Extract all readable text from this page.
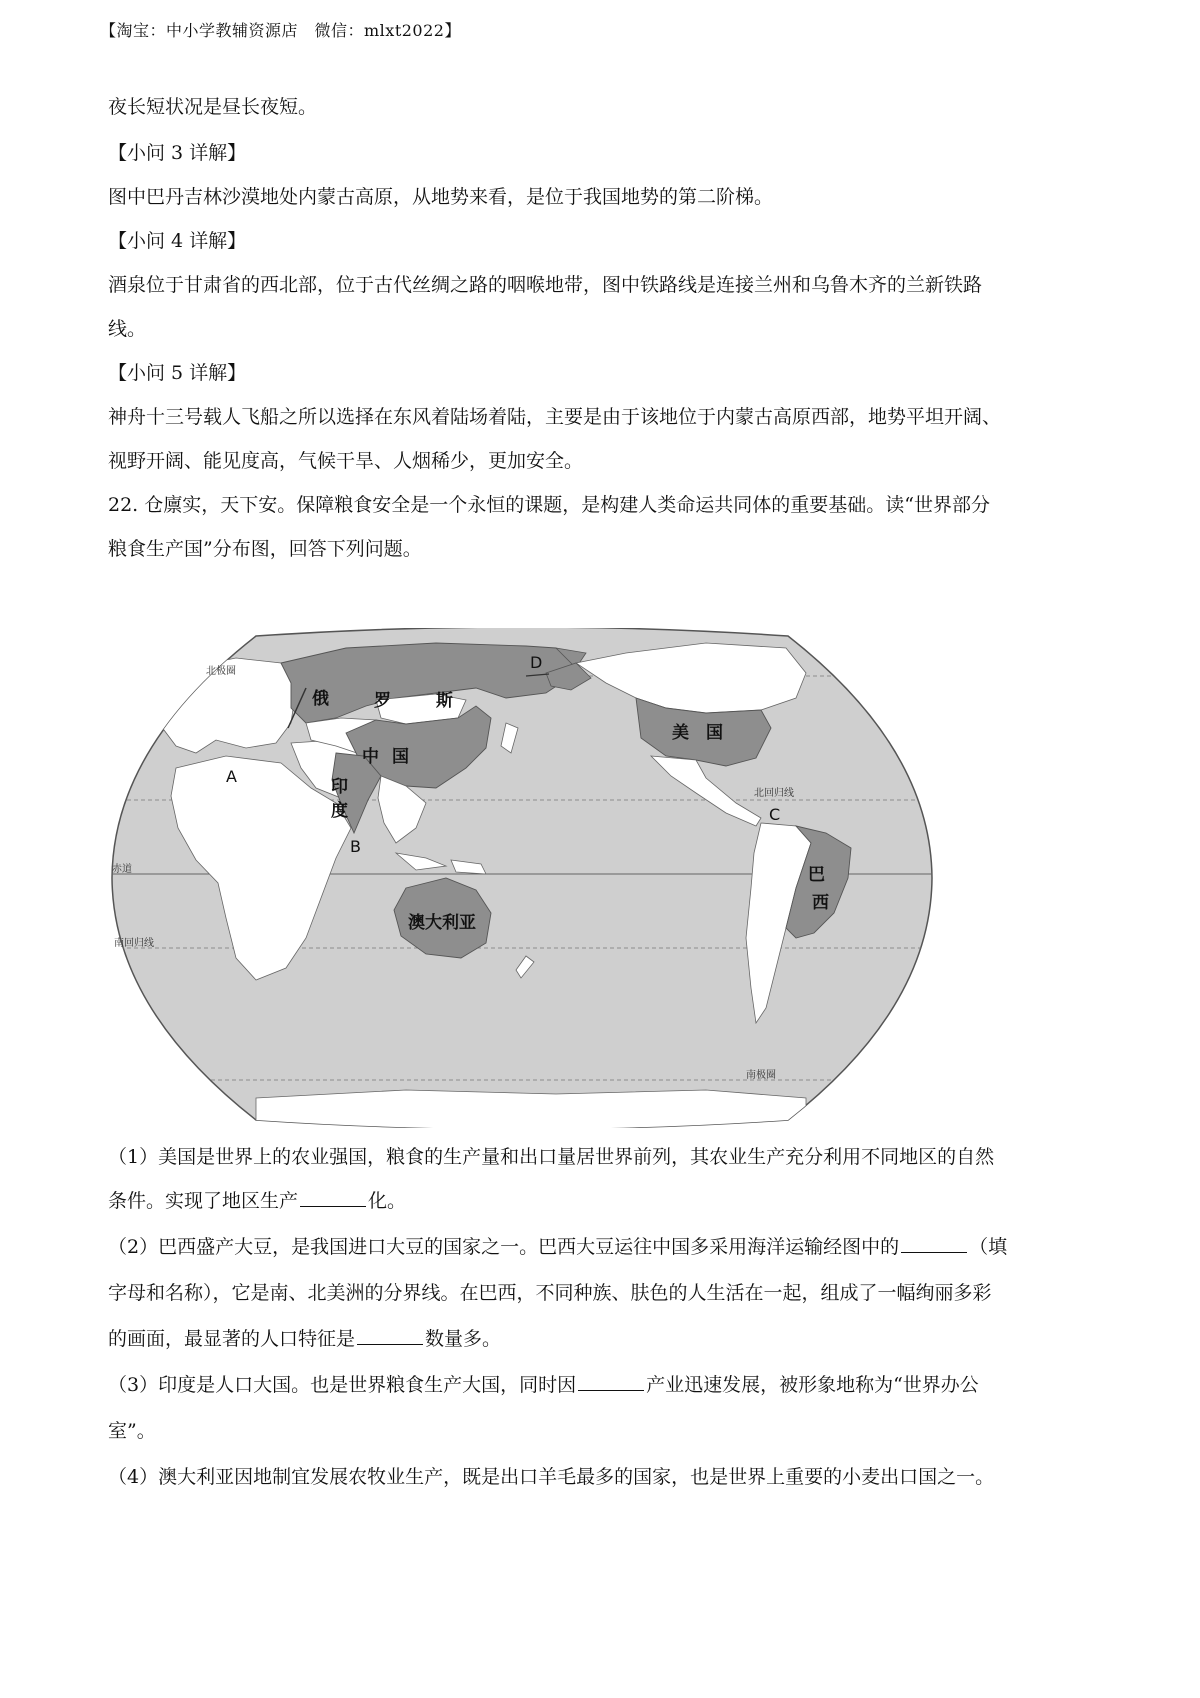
【淘宝：中小学教辅资源店　微信：mlxt2022】
夜长短状况是昼长夜短。
【小问 3 详解】
图中巴丹吉林沙漠地处内蒙古高原，从地势来看，是位于我国地势的第二阶梯。
【小问 4 详解】
酒泉位于甘肃省的西北部，位于古代丝绸之路的咽喉地带，图中铁路线是连接兰州和乌鲁木齐的兰新铁路
线。
【小问 5 详解】
神舟十三号载人飞船之所以选择在东风着陆场着陆，主要是由于该地位于内蒙古高原西部，地势平坦开阔、
视野开阔、能见度高，气候干旱、人烟稀少，更加安全。
22. 仓廪实，天下安。保障粮食安全是一个永恒的课题，是构建人类命运共同体的重要基础。读“世界部分
粮食生产国”分布图，回答下列问题。
俄	罗	斯
中 国
印
度
美 国
巴
西
澳大利亚
A
B
C
D
北极圈
北回归线
赤道
南回归线
南极圈
（1）美国是世界上的农业强国，粮食的生产量和出口量居世界前列，其农业生产充分利用不同地区的自然
条件。实现了地区生产	化。
（2）巴西盛产大豆，是我国进口大豆的国家之一。巴西大豆运往中国多采用海洋运输经图中的	（填
字母和名称），它是南、北美洲的分界线。在巴西，不同种族、肤色的人生活在一起，组成了一幅绚丽多彩
的画面，最显著的人口特征是	数量多。
（3）印度是人口大国。也是世界粮食生产大国，同时因	产业迅速发展，被形象地称为“世界办公
室”。
（4）澳大利亚因地制宜发展农牧业生产，既是出口羊毛最多的国家，也是世界上重要的小麦出口国之一。
